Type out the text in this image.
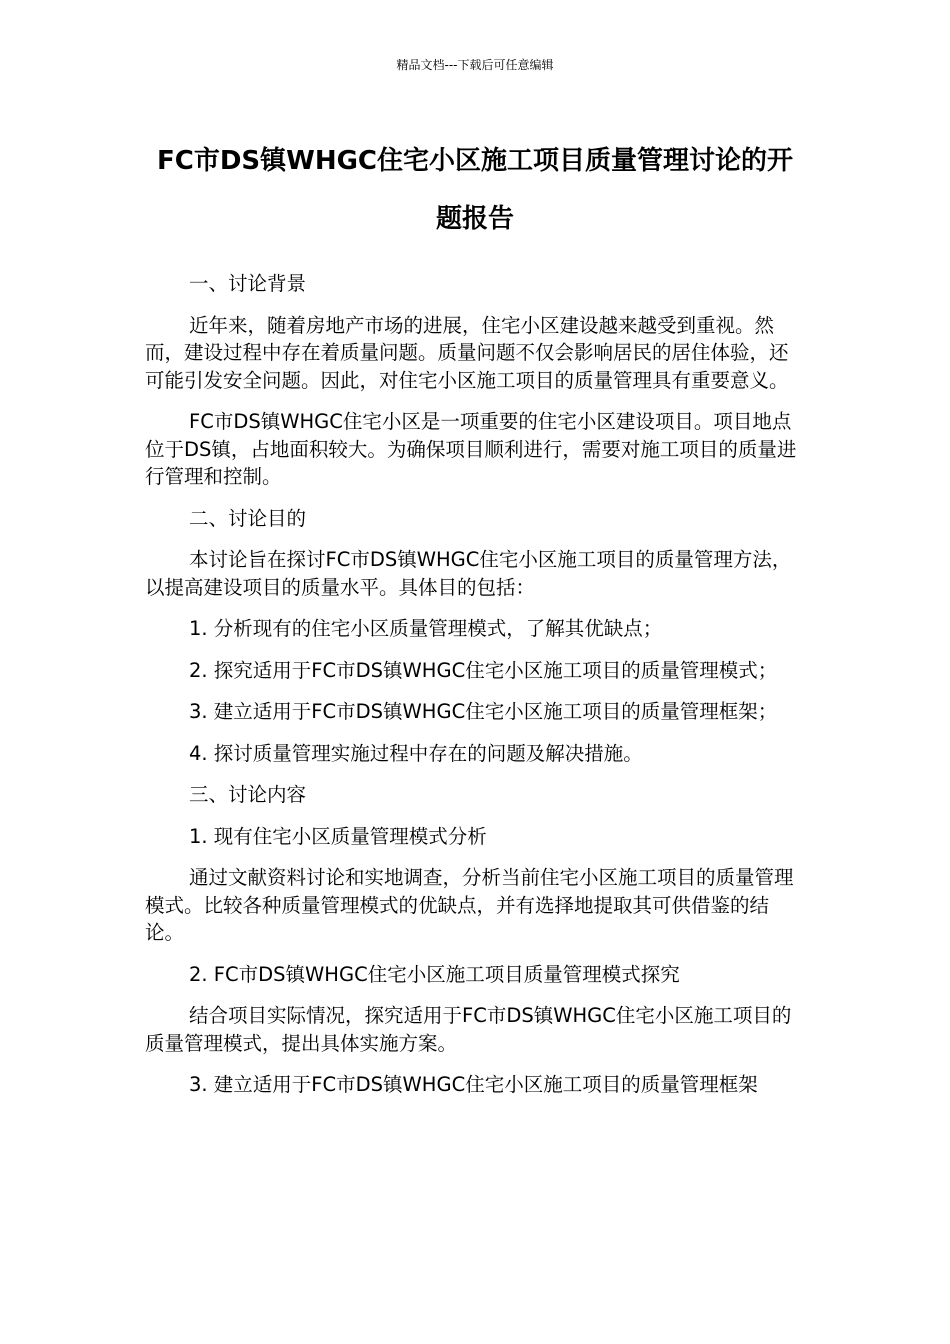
精品文档---下载后可任意编辑
FC市DS镇WHGC住宅小区施工项目质量管理讨论的开题报告

一、讨论背景

近年来，随着房地产市场的进展，住宅小区建设越来越受到重视。然而，建设过程中存在着质量问题。质量问题不仅会影响居民的居住体验，还可能引发安全问题。因此，对住宅小区施工项目的质量管理具有重要意义。

FC市DS镇WHGC住宅小区是一项重要的住宅小区建设项目。项目地点位于DS镇，占地面积较大。为确保项目顺利进行，需要对施工项目的质量进行管理和控制。

二、讨论目的

本讨论旨在探讨FC市DS镇WHGC住宅小区施工项目的质量管理方法，以提高建设项目的质量水平。具体目的包括：

1. 分析现有的住宅小区质量管理模式，了解其优缺点；

2. 探究适用于FC市DS镇WHGC住宅小区施工项目的质量管理模式；

3. 建立适用于FC市DS镇WHGC住宅小区施工项目的质量管理框架；

4. 探讨质量管理实施过程中存在的问题及解决措施。

三、讨论内容

1. 现有住宅小区质量管理模式分析

通过文献资料讨论和实地调查，分析当前住宅小区施工项目的质量管理模式。比较各种质量管理模式的优缺点，并有选择地提取其可供借鉴的结论。

2. FC市DS镇WHGC住宅小区施工项目质量管理模式探究

结合项目实际情况，探究适用于FC市DS镇WHGC住宅小区施工项目的质量管理模式，提出具体实施方案。

3. 建立适用于FC市DS镇WHGC住宅小区施工项目的质量管理框架
